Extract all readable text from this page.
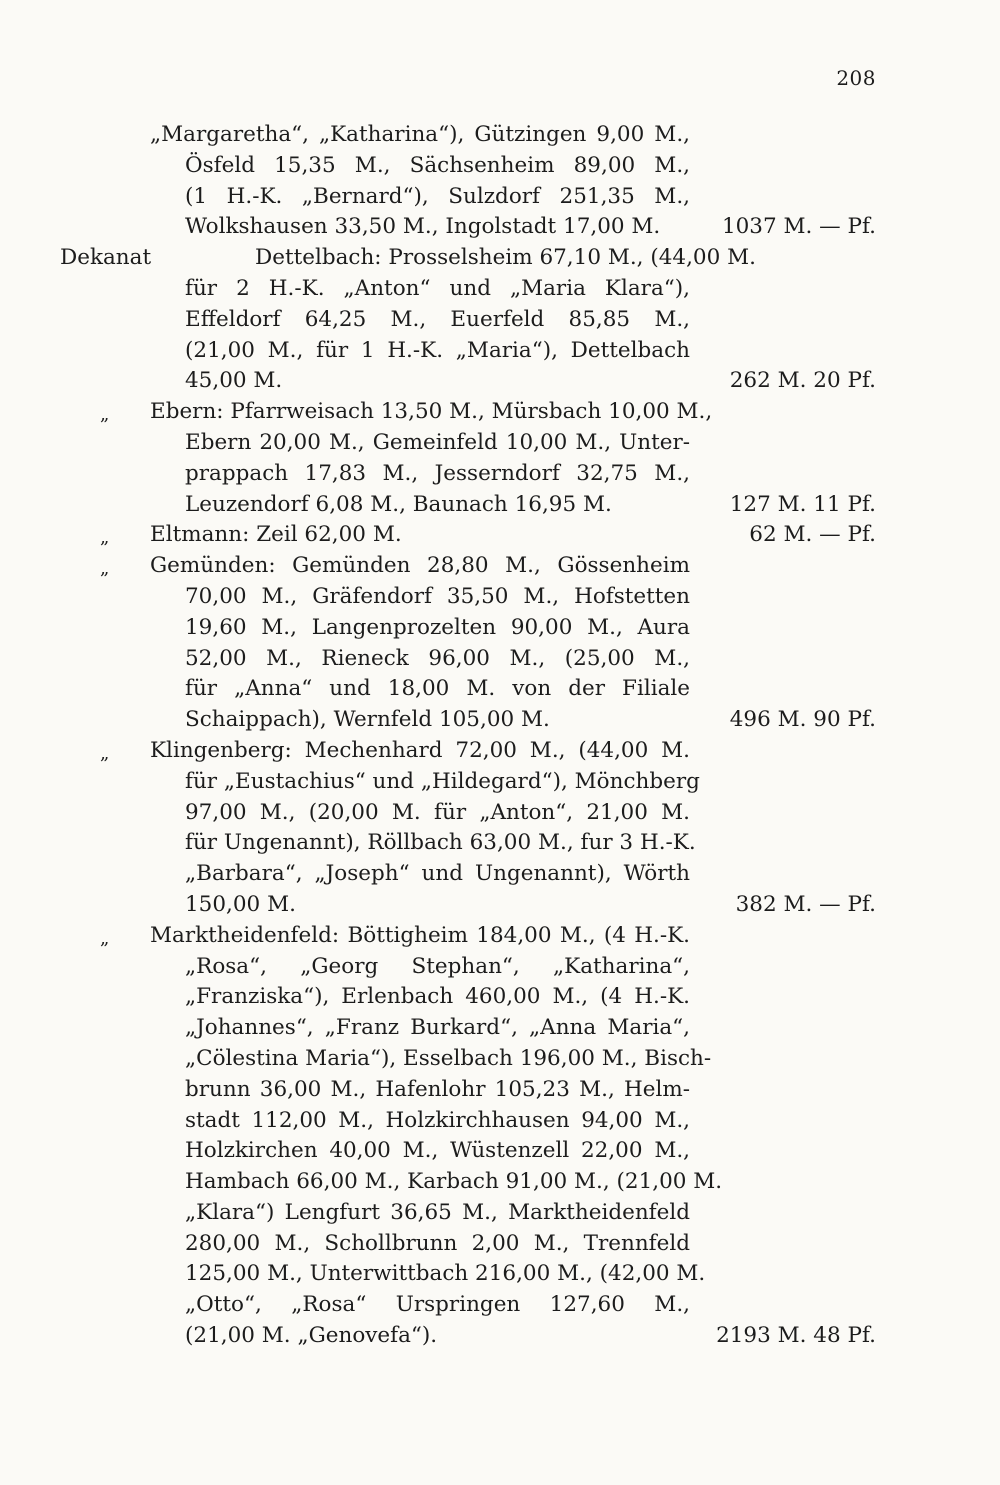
208
„Margaretha“, „Katharina“), Gützingen 9,00 M.,
Ösfeld 15,35 M., Sächsenheim 89,00 M.,
(1 H.-K. „Bernard“), Sulzdorf 251,35 M.,
Wolkshausen 33,50 M., Ingolstadt 17,00 M.	1037 M. — Pf.
Dekanat	Dettelbach: Prosselsheim 67,10 M., (44,00 M.
für 2 H.-K. „Anton“ und „Maria Klara“),
Effeldorf 64,25 M., Euerfeld 85,85 M.,
(21,00 M., für 1 H.-K. „Maria“), Dettelbach
45,00 M.	262 M. 20 Pf.
„ Ebern: Pfarrweisach 13,50 M., Mürsbach 10,00 M.,
Ebern 20,00 M., Gemeinfeld 10,00 M., Unter-
prappach 17,83 M., Jesserndorf 32,75 M.,
Leuzendorf 6,08 M., Baunach 16,95 M.	127 M. 11 Pf.
„ Eltmann: Zeil 62,00 M.	62 M. — Pf.
„ Gemünden: Gemünden 28,80 M., Gössenheim
70,00 M., Gräfendorf 35,50 M., Hofstetten
19,60 M., Langenprozelten 90,00 M., Aura
52,00 M., Rieneck 96,00 M., (25,00 M.,
für „Anna“ und 18,00 M. von der Filiale
Schaippach), Wernfeld 105,00 M.	496 M. 90 Pf.
„ Klingenberg: Mechenhard 72,00 M., (44,00 M.
für „Eustachius“ und „Hildegard“), Mönchberg
97,00 M., (20,00 M. für „Anton“, 21,00 M.
für Ungenannt), Röllbach 63,00 M., fur 3 H.-K.
„Barbara“, „Joseph“ und Ungenannt), Wörth
150,00 M.	382 M. — Pf.
„ Marktheidenfeld: Böttigheim 184,00 M., (4 H.-K.
„Rosa“, „Georg Stephan“, „Katharina“,
„Franziska“), Erlenbach 460,00 M., (4 H.-K.
„Johannes“, „Franz Burkard“, „Anna Maria“,
„Cölestina Maria“), Esselbach 196,00 M., Bisch-
brunn 36,00 M., Hafenlohr 105,23 M., Helm-
stadt 112,00 M., Holzkirchhausen 94,00 M.,
Holzkirchen 40,00 M., Wüstenzell 22,00 M.,
Hambach 66,00 M., Karbach 91,00 M., (21,00 M.
„Klara“) Lengfurt 36,65 M., Marktheidenfeld
280,00 M., Schollbrunn 2,00 M., Trennfeld
125,00 M., Unterwittbach 216,00 M., (42,00 M.
„Otto“, „Rosa“ Urspringen 127,60 M.,
(21,00 M. „Genovefa“).	2193 M. 48 Pf.
